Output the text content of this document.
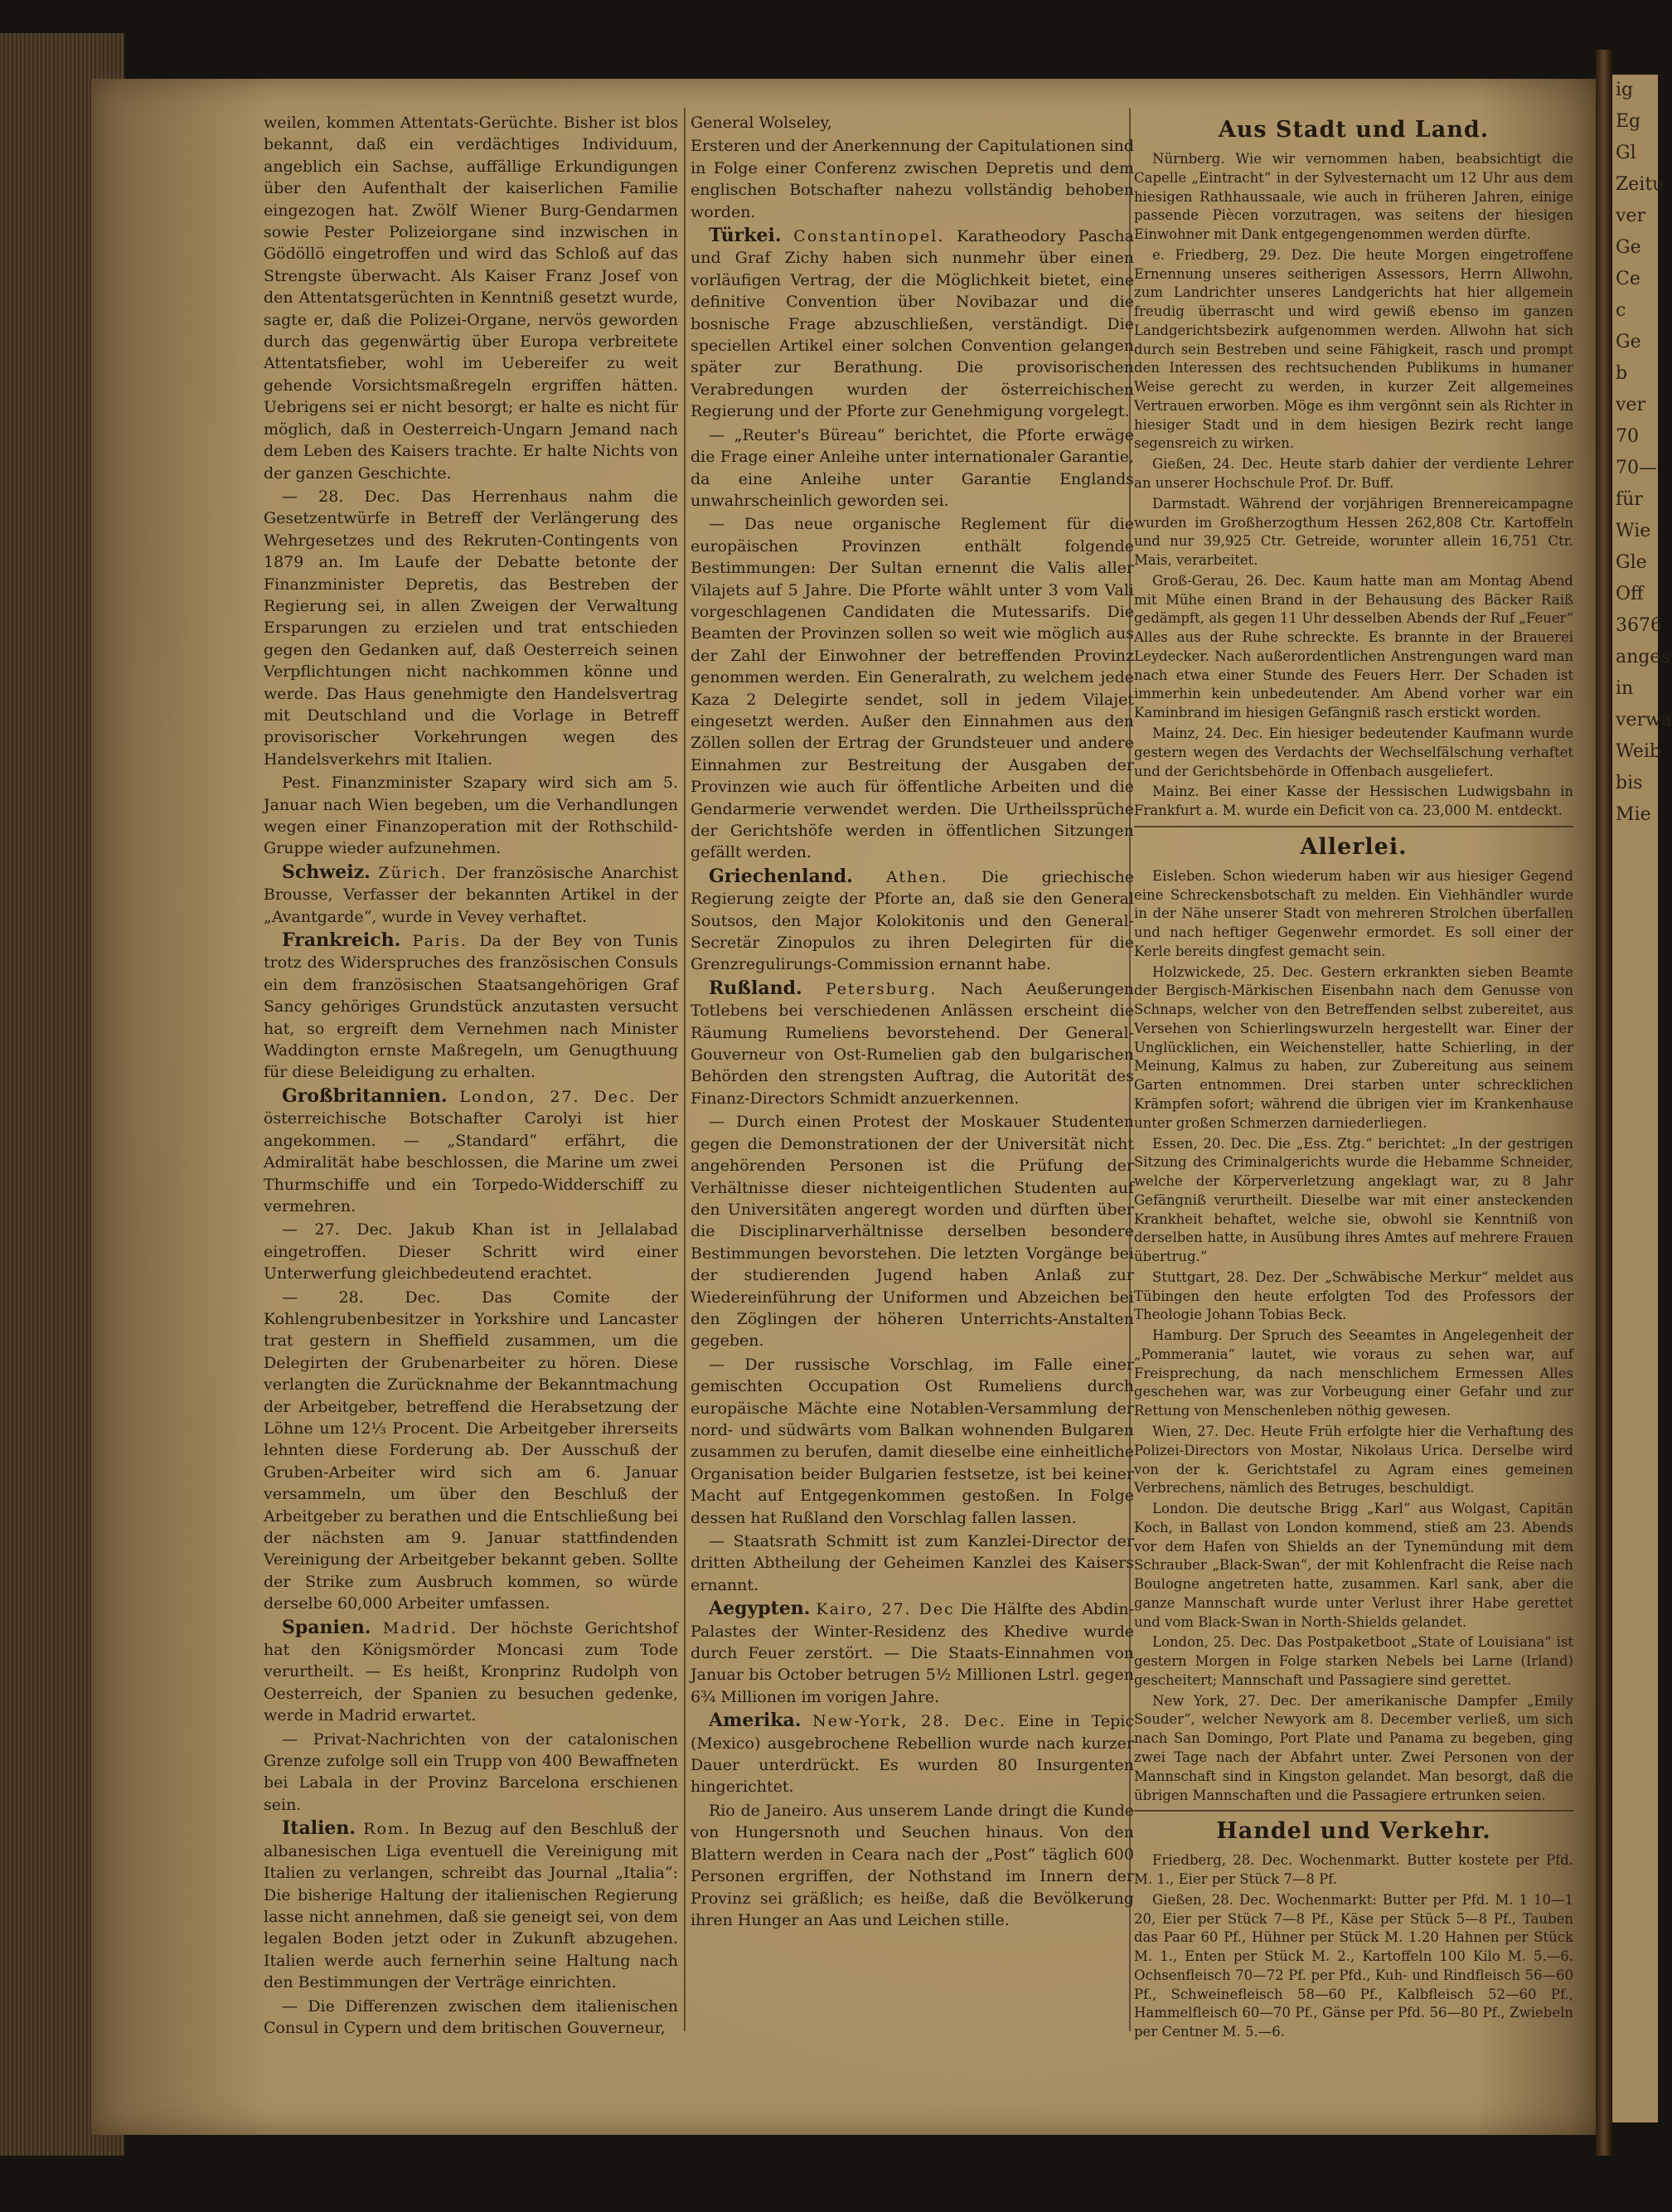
ig
Eg
Gl
Zeitu
ver
Ge
Ce
c
Ge
b
ver
70
70—
für
Wie
Gle
Off
3676
anges
in
verwa
Weib
bis
Mie

weilen, kommen Attentats-Gerüchte. Bisher ist blos bekannt, daß ein verdächtiges Individuum, angeblich ein Sachse, auffällige Erkundigungen über den Aufenthalt der kaiserlichen Familie eingezogen hat. Zwölf Wiener Burg-Gendarmen sowie Pester Polizeiorgane sind inzwischen in Gödöllö eingetroffen und wird das Schloß auf das Strengste überwacht. Als Kaiser Franz Josef von den Attentatsgerüchten in Kenntniß gesetzt wurde, sagte er, daß die Polizei-Organe, nervös geworden durch das gegenwärtig über Europa verbreitete Attentatsfieber, wohl im Uebereifer zu weit gehende Vorsichtsmaßregeln ergriffen hätten. Uebrigens sei er nicht besorgt; er halte es nicht für möglich, daß in Oesterreich-Ungarn Jemand nach dem Leben des Kaisers trachte. Er halte Nichts von der ganzen Geschichte.

— 28. Dec. Das Herrenhaus nahm die Gesetzentwürfe in Betreff der Verlängerung des Wehrgesetzes und des Rekruten-Contingents von 1879 an. Im Laufe der Debatte betonte der Finanzminister Depretis, das Bestreben der Regierung sei, in allen Zweigen der Verwaltung Ersparungen zu erzielen und trat entschieden gegen den Gedanken auf, daß Oesterreich seinen Verpflichtungen nicht nachkommen könne und werde. Das Haus genehmigte den Handelsvertrag mit Deutschland und die Vorlage in Betreff provisorischer Vorkehrungen wegen des Handelsverkehrs mit Italien.

Pest. Finanzminister Szapary wird sich am 5. Januar nach Wien begeben, um die Verhandlungen wegen einer Finanzoperation mit der Rothschild-Gruppe wieder aufzunehmen.

Schweiz. Zürich. Der französische Anarchist Brousse, Verfasser der bekannten Artikel in der „Avantgarde“, wurde in Vevey verhaftet.

Frankreich. Paris. Da der Bey von Tunis trotz des Widerspruches des französischen Consuls ein dem französischen Staatsangehörigen Graf Sancy gehöriges Grundstück anzutasten versucht hat, so ergreift dem Vernehmen nach Minister Waddington ernste Maßregeln, um Genugthuung für diese Beleidigung zu erhalten.

Großbritannien. London, 27. Dec. Der österreichische Botschafter Carolyi ist hier angekommen. — „Standard“ erfährt, die Admiralität habe beschlossen, die Marine um zwei Thurmschiffe und ein Torpedo-Widderschiff zu vermehren.

— 27. Dec. Jakub Khan ist in Jellalabad eingetroffen. Dieser Schritt wird einer Unterwerfung gleichbedeutend erachtet.

— 28. Dec. Das Comite der Kohlengrubenbesitzer in Yorkshire und Lancaster trat gestern in Sheffield zusammen, um die Delegirten der Grubenarbeiter zu hören. Diese verlangten die Zurücknahme der Bekanntmachung der Arbeitgeber, betreffend die Herabsetzung der Löhne um 12⅓ Procent. Die Arbeitgeber ihrerseits lehnten diese Forderung ab. Der Ausschuß der Gruben-Arbeiter wird sich am 6. Januar versammeln, um über den Beschluß der Arbeitgeber zu berathen und die Entschließung bei der nächsten am 9. Januar stattfindenden Vereinigung der Arbeitgeber bekannt geben. Sollte der Strike zum Ausbruch kommen, so würde derselbe 60,000 Arbeiter umfassen.

Spanien. Madrid. Der höchste Gerichtshof hat den Königsmörder Moncasi zum Tode verurtheilt. — Es heißt, Kronprinz Rudolph von Oesterreich, der Spanien zu besuchen gedenke, werde in Madrid erwartet.

— Privat-Nachrichten von der catalonischen Grenze zufolge soll ein Trupp von 400 Bewaffneten bei Labala in der Provinz Barcelona erschienen sein.

Italien. Rom. In Bezug auf den Beschluß der albanesischen Liga eventuell die Vereinigung mit Italien zu verlangen, schreibt das Journal „Italia“: Die bisherige Haltung der italienischen Regierung lasse nicht annehmen, daß sie geneigt sei, von dem legalen Boden jetzt oder in Zukunft abzugehen. Italien werde auch fernerhin seine Haltung nach den Bestimmungen der Verträge einrichten.

— Die Differenzen zwischen dem italienischen Consul in Cypern und dem britischen Gouverneur,

General Wolseley,

Ersteren und der Anerkennung der Capitulationen sind in Folge einer Conferenz zwischen Depretis und dem englischen Botschafter nahezu vollständig behoben worden.

Türkei. Constantinopel. Karatheodory Pascha und Graf Zichy haben sich nunmehr über einen vorläufigen Vertrag, der die Möglichkeit bietet, eine definitive Convention über Novibazar und die bosnische Frage abzuschließen, verständigt. Die speciellen Artikel einer solchen Convention gelangen später zur Berathung. Die provisorischen Verabredungen wurden der österreichischen Regierung und der Pforte zur Genehmigung vorgelegt.

— „Reuter's Büreau“ berichtet, die Pforte erwäge die Frage einer Anleihe unter internationaler Garantie, da eine Anleihe unter Garantie Englands unwahrscheinlich geworden sei.

— Das neue organische Reglement für die europäischen Provinzen enthält folgende Bestimmungen: Der Sultan ernennt die Valis aller Vilajets auf 5 Jahre. Die Pforte wählt unter 3 vom Vali vorgeschlagenen Candidaten die Mutessarifs. Die Beamten der Provinzen sollen so weit wie möglich aus der Zahl der Einwohner der betreffenden Provinz genommen werden. Ein Generalrath, zu welchem jede Kaza 2 Delegirte sendet, soll in jedem Vilajet eingesetzt werden. Außer den Einnahmen aus den Zöllen sollen der Ertrag der Grundsteuer und andere Einnahmen zur Bestreitung der Ausgaben der Provinzen wie auch für öffentliche Arbeiten und die Gendarmerie verwendet werden. Die Urtheilssprüche der Gerichtshöfe werden in öffentlichen Sitzungen gefällt werden.

Griechenland. Athen. Die griechische Regierung zeigte der Pforte an, daß sie den General Soutsos, den Major Kolokitonis und den General-Secretär Zinopulos zu ihren Delegirten für die Grenzregulirungs-Commission ernannt habe.

Rußland. Petersburg. Nach Aeußerungen Totlebens bei verschiedenen Anlässen erscheint die Räumung Rumeliens bevorstehend. Der General-Gouverneur von Ost-Rumelien gab den bulgarischen Behörden den strengsten Auftrag, die Autorität des Finanz-Directors Schmidt anzuerkennen.

— Durch einen Protest der Moskauer Studenten gegen die Demonstrationen der der Universität nicht angehörenden Personen ist die Prüfung der Verhältnisse dieser nichteigentlichen Studenten auf den Universitäten angeregt worden und dürften über die Disciplinarverhältnisse derselben besondere Bestimmungen bevorstehen. Die letzten Vorgänge bei der studierenden Jugend haben Anlaß zur Wiedereinführung der Uniformen und Abzeichen bei den Zöglingen der höheren Unterrichts-Anstalten gegeben.

— Der russische Vorschlag, im Falle einer gemischten Occupation Ost Rumeliens durch europäische Mächte eine Notablen-Versammlung der nord- und südwärts vom Balkan wohnenden Bulgaren zusammen zu berufen, damit dieselbe eine einheitliche Organisation beider Bulgarien festsetze, ist bei keiner Macht auf Entgegenkommen gestoßen. In Folge dessen hat Rußland den Vorschlag fallen lassen.

— Staatsrath Schmitt ist zum Kanzlei-Director der dritten Abtheilung der Geheimen Kanzlei des Kaisers ernannt.

Aegypten. Kairo, 27. Dec Die Hälfte des Abdin-Palastes der Winter-Residenz des Khedive wurde durch Feuer zerstört. — Die Staats-Einnahmen von Januar bis October betrugen 5½ Millionen Lstrl. gegen 6¾ Millionen im vorigen Jahre.

Amerika. New-York, 28. Dec. Eine in Tepic (Mexico) ausgebrochene Rebellion wurde nach kurzer Dauer unterdrückt. Es wurden 80 Insurgenten hingerichtet.

Rio de Janeiro. Aus unserem Lande dringt die Kunde von Hungersnoth und Seuchen hinaus. Von den Blattern werden in Ceara nach der „Post“ täglich 600 Personen ergriffen, der Nothstand im Innern der Provinz sei gräßlich; es heiße, daß die Bevölkerung ihren Hunger an Aas und Leichen stille.

Aus Stadt und Land.

Nürnberg. Wie wir vernommen haben, beabsichtigt die Capelle „Eintracht“ in der Sylvesternacht um 12 Uhr aus dem hiesigen Rathhaussaale, wie auch in früheren Jahren, einige passende Piècen vorzutragen, was seitens der hiesigen Einwohner mit Dank entgegengenommen werden dürfte.

e. Friedberg, 29. Dez. Die heute Morgen eingetroffene Ernennung unseres seitherigen Assessors, Herrn Allwohn, zum Landrichter unseres Landgerichts hat hier allgemein freudig überrascht und wird gewiß ebenso im ganzen Landgerichtsbezirk aufgenommen werden. Allwohn hat sich durch sein Bestreben und seine Fähigkeit, rasch und prompt den Interessen des rechtsuchenden Publikums in humaner Weise gerecht zu werden, in kurzer Zeit allgemeines Vertrauen erworben. Möge es ihm vergönnt sein als Richter in hiesiger Stadt und in dem hiesigen Bezirk recht lange segensreich zu wirken.

Gießen, 24. Dec. Heute starb dahier der verdiente Lehrer an unserer Hochschule Prof. Dr. Buff.

Darmstadt. Während der vorjährigen Brennereicampagne wurden im Großherzogthum Hessen 262,808 Ctr. Kartoffeln und nur 39,925 Ctr. Getreide, worunter allein 16,751 Ctr. Mais, verarbeitet.

Groß-Gerau, 26. Dec. Kaum hatte man am Montag Abend mit Mühe einen Brand in der Behausung des Bäcker Raiß gedämpft, als gegen 11 Uhr desselben Abends der Ruf „Feuer“ Alles aus der Ruhe schreckte. Es brannte in der Brauerei Leydecker. Nach außerordentlichen Anstrengungen ward man nach etwa einer Stunde des Feuers Herr. Der Schaden ist immerhin kein unbedeutender. Am Abend vorher war ein Kaminbrand im hiesigen Gefängniß rasch erstickt worden.

Mainz, 24. Dec. Ein hiesiger bedeutender Kaufmann wurde gestern wegen des Verdachts der Wechselfälschung verhaftet und der Gerichtsbehörde in Offenbach ausgeliefert.

Mainz. Bei einer Kasse der Hessischen Ludwigsbahn in Frankfurt a. M. wurde ein Deficit von ca. 23,000 M. entdeckt.

Allerlei.

Eisleben. Schon wiederum haben wir aus hiesiger Gegend eine Schreckensbotschaft zu melden. Ein Viehhändler wurde in der Nähe unserer Stadt von mehreren Strolchen überfallen und nach heftiger Gegenwehr ermordet. Es soll einer der Kerle bereits dingfest gemacht sein.

Holzwickede, 25. Dec. Gestern erkrankten sieben Beamte der Bergisch-Märkischen Eisenbahn nach dem Genusse von Schnaps, welcher von den Betreffenden selbst zubereitet, aus Versehen von Schierlingswurzeln hergestellt war. Einer der Unglücklichen, ein Weichensteller, hatte Schierling, in der Meinung, Kalmus zu haben, zur Zubereitung aus seinem Garten entnommen. Drei starben unter schrecklichen Krämpfen sofort; während die übrigen vier im Krankenhause unter großen Schmerzen darniederliegen.

Essen, 20. Dec. Die „Ess. Ztg.“ berichtet: „In der gestrigen Sitzung des Criminalgerichts wurde die Hebamme Schneider, welche der Körperverletzung angeklagt war, zu 8 Jahr Gefängniß verurtheilt. Dieselbe war mit einer ansteckenden Krankheit behaftet, welche sie, obwohl sie Kenntniß von derselben hatte, in Ausübung ihres Amtes auf mehrere Frauen übertrug.“

Stuttgart, 28. Dez. Der „Schwäbische Merkur“ meldet aus Tübingen den heute erfolgten Tod des Professors der Theologie Johann Tobias Beck.

Hamburg. Der Spruch des Seeamtes in Angelegenheit der „Pommerania“ lautet, wie voraus zu sehen war, auf Freisprechung, da nach menschlichem Ermessen Alles geschehen war, was zur Vorbeugung einer Gefahr und zur Rettung von Menschenleben nöthig gewesen.

Wien, 27. Dec. Heute Früh erfolgte hier die Verhaftung des Polizei-Directors von Mostar, Nikolaus Urica. Derselbe wird von der k. Gerichtstafel zu Agram eines gemeinen Verbrechens, nämlich des Betruges, beschuldigt.

London. Die deutsche Brigg „Karl“ aus Wolgast, Capitän Koch, in Ballast von London kommend, stieß am 23. Abends vor dem Hafen von Shields an der Tynemündung mit dem Schrauber „Black-Swan“, der mit Kohlenfracht die Reise nach Boulogne angetreten hatte, zusammen. Karl sank, aber die ganze Mannschaft wurde unter Verlust ihrer Habe gerettet und vom Black-Swan in North-Shields gelandet.

London, 25. Dec. Das Postpaketboot „State of Louisiana“ ist gestern Morgen in Folge starken Nebels bei Larne (Irland) gescheitert; Mannschaft und Passagiere sind gerettet.

New York, 27. Dec. Der amerikanische Dampfer „Emily Souder“, welcher Newyork am 8. December verließ, um sich nach San Domingo, Port Plate und Panama zu begeben, ging zwei Tage nach der Abfahrt unter. Zwei Personen von der Mannschaft sind in Kingston gelandet. Man besorgt, daß die übrigen Mannschaften und die Passagiere ertrunken seien.

Handel und Verkehr.

Friedberg, 28. Dec. Wochenmarkt. Butter kostete per Pfd. M. 1., Eier per Stück 7—8 Pf.

Gießen, 28. Dec. Wochenmarkt: Butter per Pfd. M. 1 10—1 20, Eier per Stück 7—8 Pf., Käse per Stück 5—8 Pf., Tauben das Paar 60 Pf., Hühner per Stück M. 1.20 Hahnen per Stück M. 1., Enten per Stück M. 2., Kartoffeln 100 Kilo M. 5.—6. Ochsenfleisch 70—72 Pf. per Pfd., Kuh- und Rindfleisch 56—60 Pf., Schweinefleisch 58—60 Pf., Kalbfleisch 52—60 Pf., Hammelfleisch 60—70 Pf., Gänse per Pfd. 56—80 Pf., Zwiebeln per Centner M. 5.—6.
